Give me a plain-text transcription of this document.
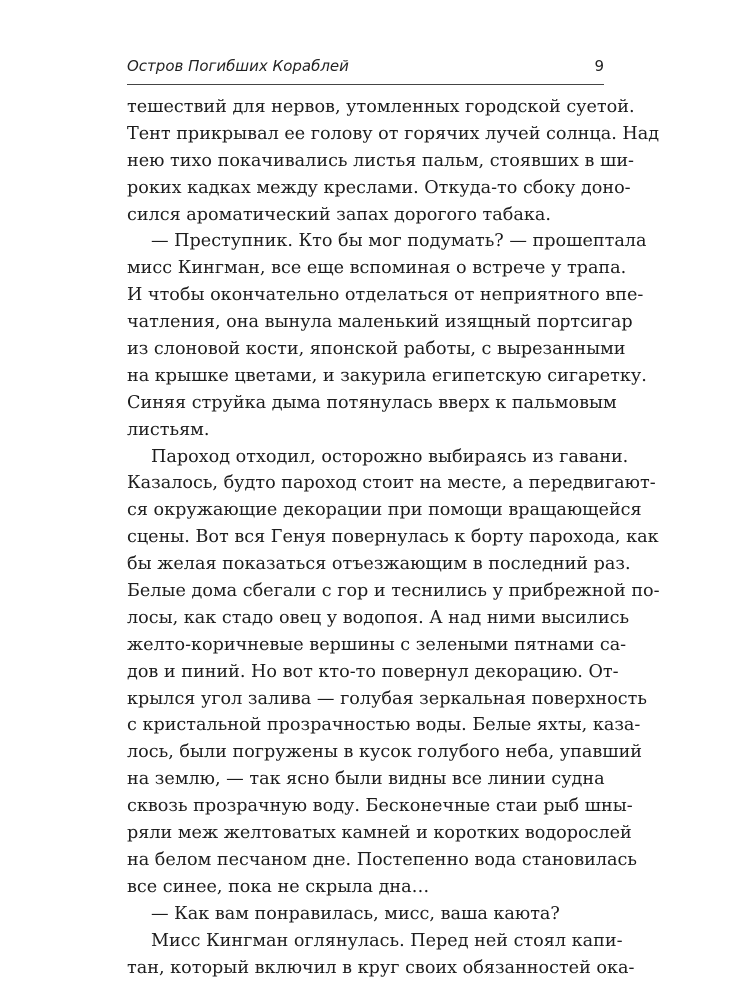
Остров Погибших Кораблей	9
тешествий для нервов, утомленных городской суетой.
Тент прикрывал ее голову от горячих лучей солнца. Над
нею тихо покачивались листья пальм, стоявших в ши-
роких кадках между креслами. Откуда-то сбоку доно-
сился ароматический запах дорогого табака.
— Преступник. Кто бы мог подумать? — прошептала
мисс Кингман, все еще вспоминая о встрече у трапа.
И чтобы окончательно отделаться от неприятного впе-
чатления, она вынула маленький изящный портсигар
из слоновой кости, японской работы, с вырезанными
на крышке цветами, и закурила египетскую сигаретку.
Синяя струйка дыма потянулась вверх к пальмовым
листьям.
Пароход отходил, осторожно выбираясь из гавани.
Казалось, будто пароход стоит на месте, а передвигают-
ся окружающие декорации при помощи вращающейся
сцены. Вот вся Генуя повернулась к борту парохода, как
бы желая показаться отъезжающим в последний раз.
Белые дома сбегали с гор и теснились у прибрежной по-
лосы, как стадо овец у водопоя. А над ними высились
желто-коричневые вершины с зелеными пятнами са-
дов и пиний. Но вот кто-то повернул декорацию. От-
крылся угол залива — голубая зеркальная поверхность
с кристальной прозрачностью воды. Белые яхты, каза-
лось, были погружены в кусок голубого неба, упавший
на землю, — так ясно были видны все линии судна
сквозь прозрачную воду. Бесконечные стаи рыб шны-
ряли меж желтоватых камней и коротких водорослей
на белом песчаном дне. Постепенно вода становилась
все синее, пока не скрыла дна…
— Как вам понравилась, мисс, ваша каюта?
Мисс Кингман оглянулась. Перед ней стоял капи-
тан, который включил в круг своих обязанностей ока-
